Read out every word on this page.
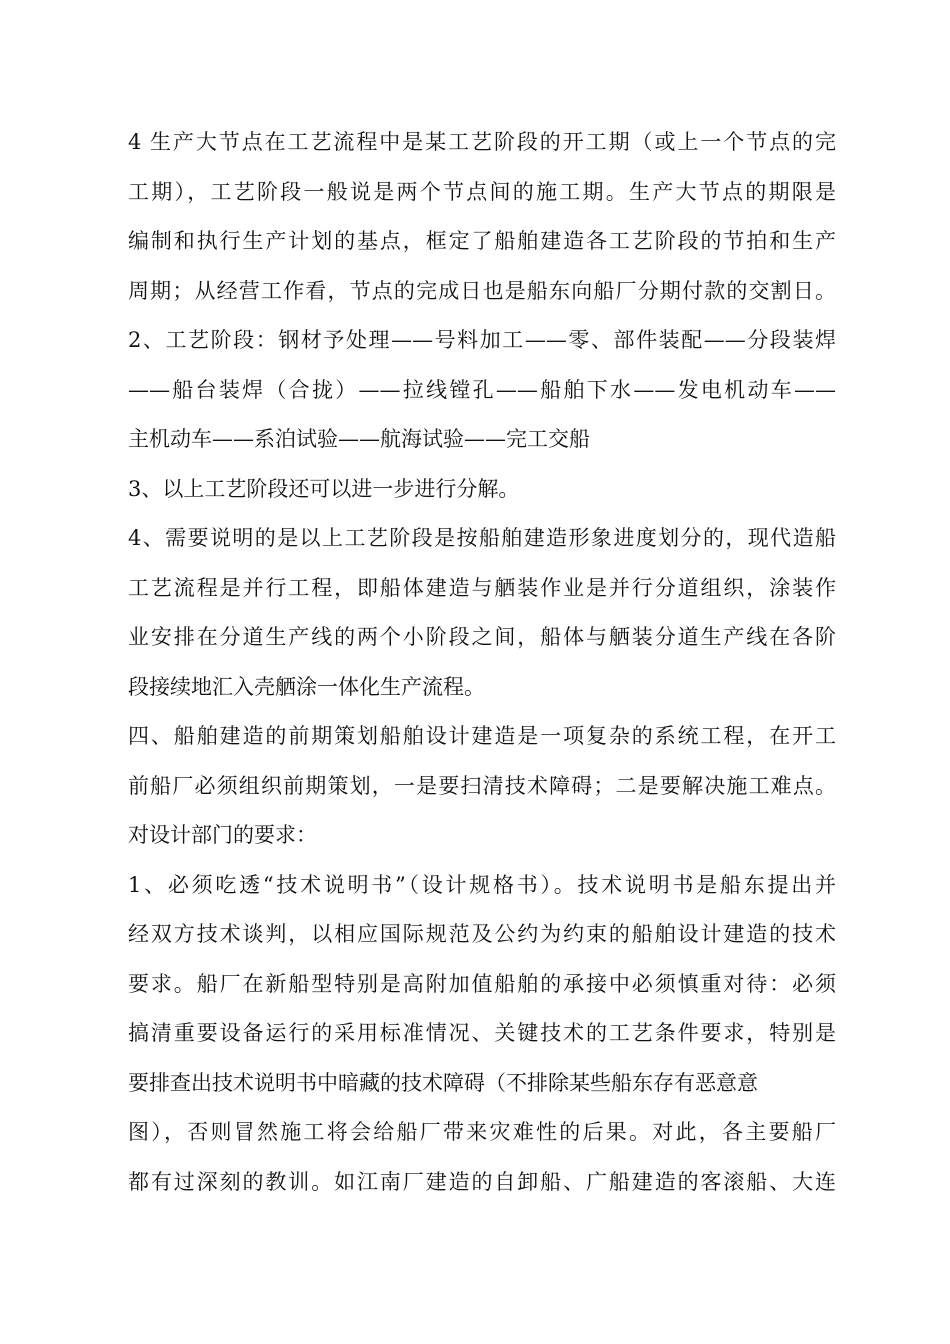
4 生产大节点在工艺流程中是某工艺阶段的开工期（或上一个节点的完
工期），工艺阶段一般说是两个节点间的施工期。生产大节点的期限是
编制和执行生产计划的基点，框定了船舶建造各工艺阶段的节拍和生产
周期；从经营工作看，节点的完成日也是船东向船厂分期付款的交割日。
2、工艺阶段：钢材予处理——号料加工——零、部件装配——分段装焊
——船台装焊（合拢）——拉线镗孔——船舶下水——发电机动车——
主机动车——系泊试验——航海试验——完工交船
3、以上工艺阶段还可以进一步进行分解。
4、需要说明的是以上工艺阶段是按船舶建造形象进度划分的，现代造船
工艺流程是并行工程，即船体建造与舾装作业是并行分道组织，涂装作
业安排在分道生产线的两个小阶段之间，船体与舾装分道生产线在各阶
段接续地汇入壳舾涂一体化生产流程。
四、船舶建造的前期策划船舶设计建造是一项复杂的系统工程，在开工
前船厂必须组织前期策划，一是要扫清技术障碍；二是要解决施工难点。
对设计部门的要求：
1、必须吃透“技术说明书”（设计规格书）。技术说明书是船东提出并
经双方技术谈判，以相应国际规范及公约为约束的船舶设计建造的技术
要求。船厂在新船型特别是高附加值船舶的承接中必须慎重对待：必须
搞清重要设备运行的采用标准情况、关键技术的工艺条件要求，特别是
要排查出技术说明书中暗藏的技术障碍（不排除某些船东存有恶意意
图），否则冒然施工将会给船厂带来灾难性的后果。对此，各主要船厂
都有过深刻的教训。如江南厂建造的自卸船、广船建造的客滚船、大连
